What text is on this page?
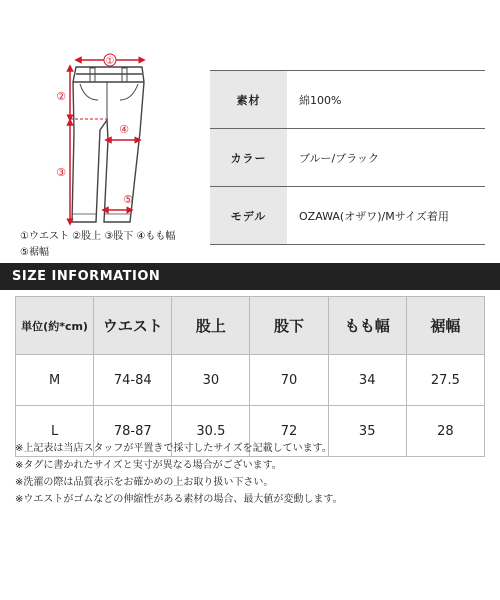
①
②
③
④
⑤
①ウエスト ②股上 ③股下 ④もも幅
⑤裾幅
素材	綿100%
カラー	ブルー/ブラック
モデル	OZAWA(オザワ)/Mサイズ着用
SIZE INFORMATION
単位(約*cm)	ウエスト	股上	股下	もも幅	裾幅
M	74-84	30	70	34	27.5
L	78-87	30.5	72	35	28
※上記表は当店スタッフが平置きで採寸したサイズを記載しています。
※タグに書かれたサイズと実寸が異なる場合がございます。
※洗濯の際は品質表示をお確かめの上お取り扱い下さい。
※ウエストがゴムなどの伸縮性がある素材の場合、最大値が変動します。
